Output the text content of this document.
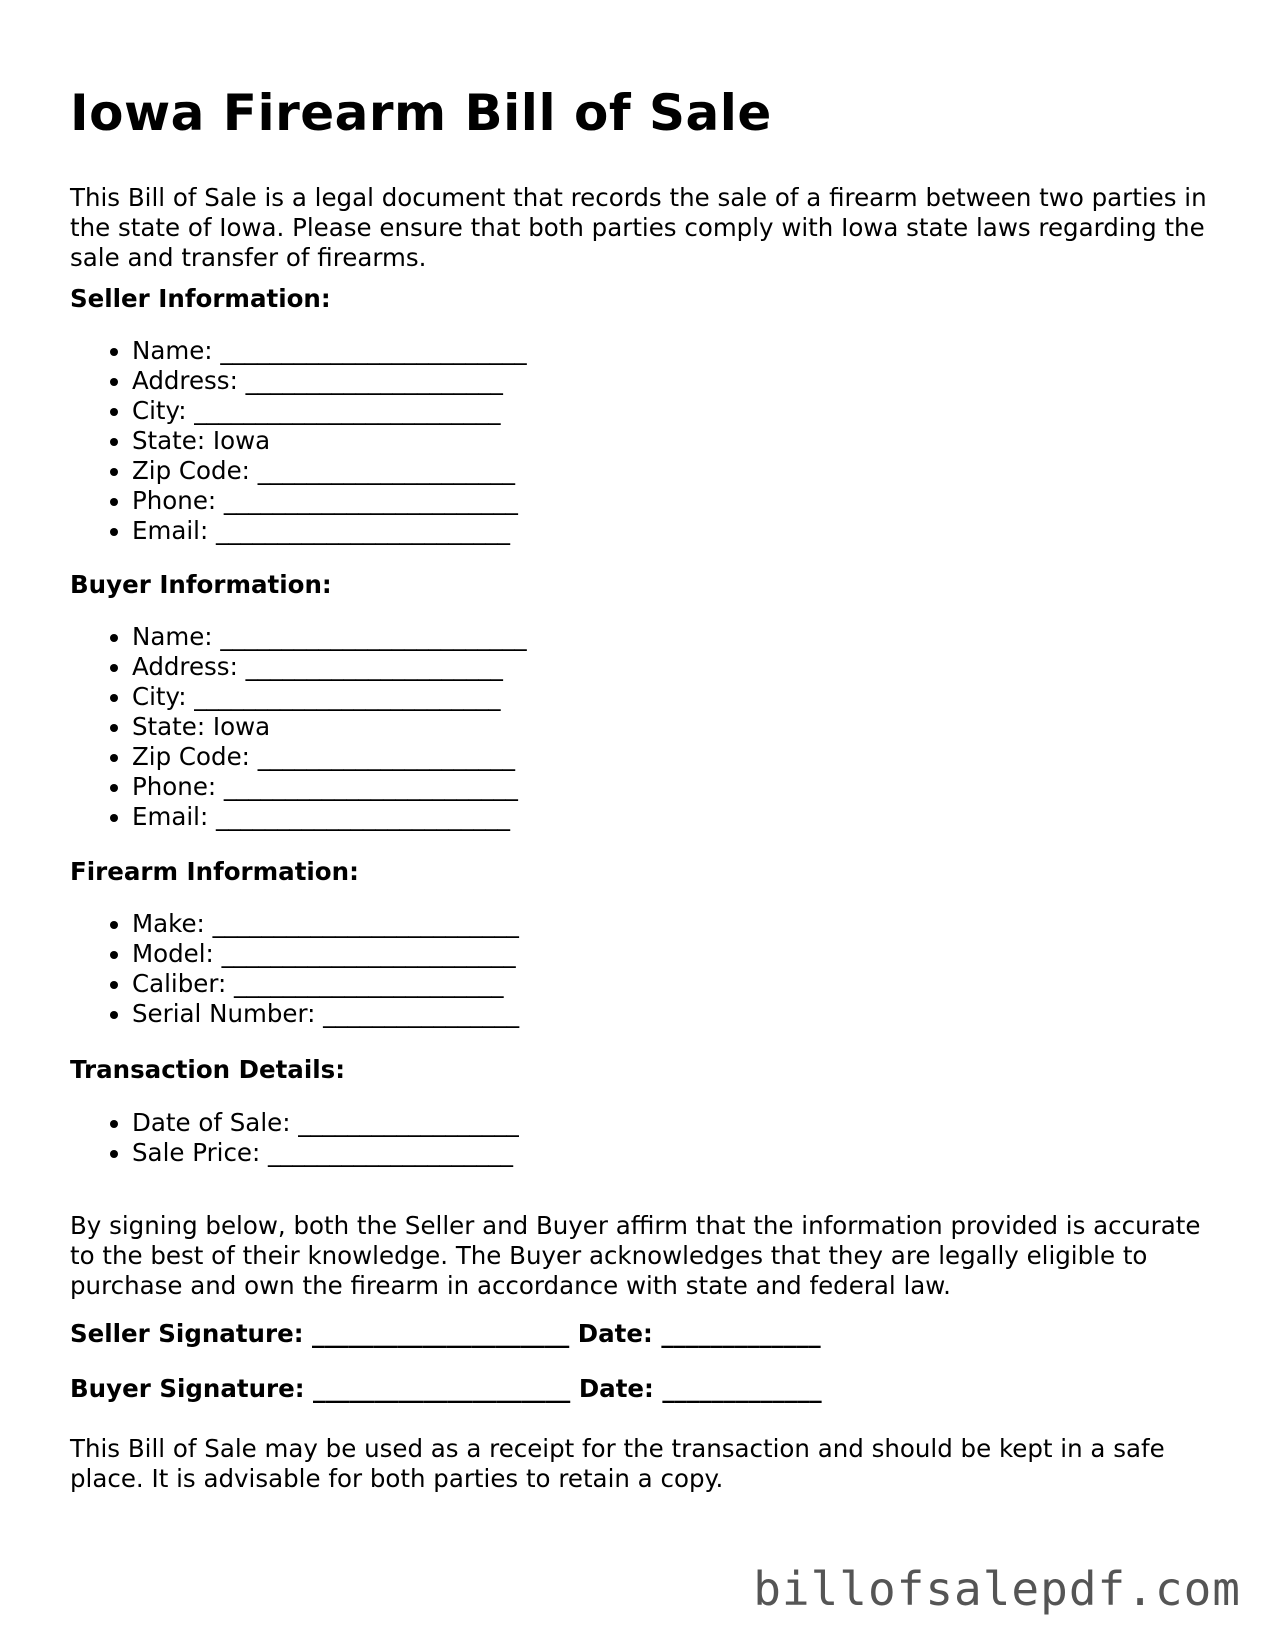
Iowa Firearm Bill of Sale

This Bill of Sale is a legal document that records the sale of a firearm between two parties in the state of Iowa. Please ensure that both parties comply with Iowa state laws regarding the sale and transfer of firearms.

Seller Information:

• Name: _________________________
• Address: _____________________
• City: _________________________
• State: Iowa
• Zip Code: _____________________
• Phone: ________________________
• Email: ________________________

Buyer Information:

• Name: _________________________
• Address: _____________________
• City: _________________________
• State: Iowa
• Zip Code: _____________________
• Phone: ________________________
• Email: ________________________

Firearm Information:

• Make: _________________________
• Model: ________________________
• Caliber: ______________________
• Serial Number: ________________

Transaction Details:

• Date of Sale: __________________
• Sale Price: ____________________

By signing below, both the Seller and Buyer affirm that the information provided is accurate to the best of their knowledge. The Buyer acknowledges that they are legally eligible to purchase and own the firearm in accordance with state and federal law.

Seller Signature: _____________________ Date: _____________

Buyer Signature: _____________________ Date: _____________

This Bill of Sale may be used as a receipt for the transaction and should be kept in a safe place. It is advisable for both parties to retain a copy.

billofsalepdf.com
